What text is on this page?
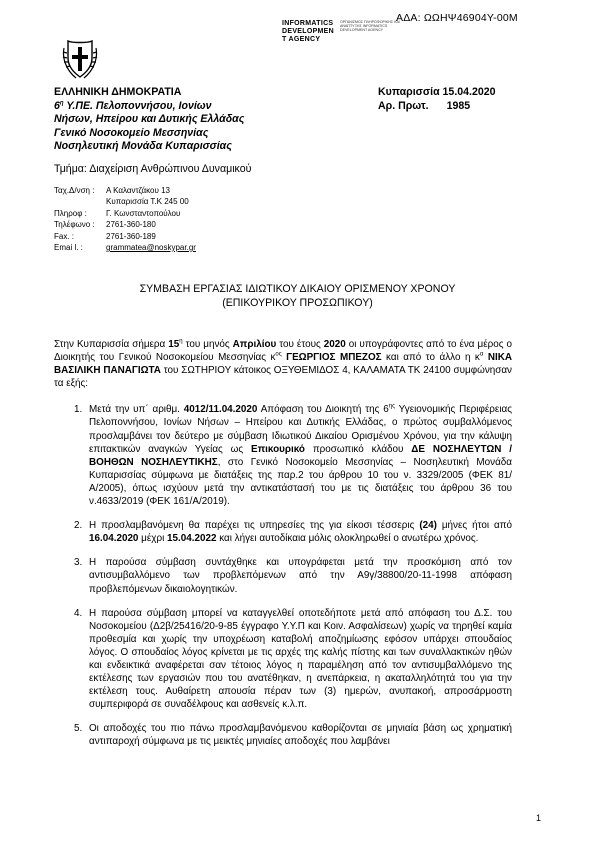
ΑΔΑ: ΩΩΗΨ46904Υ-00Μ
INFORMATICS
DEVELOPMEN
T AGENCY
ΟΡΓΑΝΙΣΜΟΣ ΠΛΗΡΟΦΟΡΙΚΗΣ ΚΑΙ ΑΝΑΠΤΥΞΗΣ INFORMATICS DEVELOPMENT AGENCY
ΕΛΛΗΝΙΚΗ ΔΗΜΟΚΡΑΤΙΑ
$6^\eta$ Υ.ΠΕ. Πελοποννήσου, Ιονίων
Νήσων, Ηπείρου και Δυτικής Ελλάδας
Γενικό Νοσοκομείο Μεσσηνίας
Νοσηλευτική Μονάδα Κυπαρισσίας
Κυπαρισσία 15.04.2020
Αρ. Πρωτ. 1985
Τμήμα: Διαχείριση Ανθρώπινου Δυναμικού
Ταχ.Δ/νση :	Α Καλαντζάκου 13
Κυπαρισσία Τ.Κ 245 00
Πληροφ :	Γ. Κωνσταντοπούλου
Τηλέφωνο :	2761-360-180
Fax. :	2761-360-189
Emai l. :	grammatea@noskypar.gr
ΣΥΜΒΑΣΗ ΕΡΓΑΣΙΑΣ ΙΔΙΩΤΙΚΟΥ ΔΙΚΑΙΟΥ ΟΡΙΣΜΕΝΟΥ ΧΡΟΝΟΥ
(ΕΠΙΚΟΥΡΙΚΟΥ ΠΡΟΣΩΠΙΚΟΥ)

Στην Κυπαρισσία σήμερα $15^\eta$ του μηνός Απριλίου του έτους 2020 οι υπογράφοντες από το ένα μέρος ο Διοικητής του Γενικού Νοσοκομείου Μεσσηνίας $\kappa^{o\varsigma}$ ΓΕΩΡΓΙΟΣ ΜΠΕΖΟΣ και από το άλλο η $\kappa^\alpha$ ΝΙΚΑ ΒΑΣΙΛΙΚΗ ΠΑΝΑΓΙΩΤΑ του ΣΩΤΗΡΙΟΥ κάτοικος ΟΞΥΘΕΜΙΔΟΣ 4, ΚΑΛΑΜΑΤΑ ΤΚ 24100 συμφώνησαν τα εξής:

1. Μετά την υπ΄ αριθμ. 4012/11.04.2020 Απόφαση του Διοικητή της $6^{\eta\varsigma}$ Υγειονομικής Περιφέρειας Πελοποννήσου, Ιονίων Νήσων – Ηπείρου και Δυτικής Ελλάδας, ο πρώτος συμβαλλόμενος προσλαμβάνει τον δεύτερο με σύμβαση Ιδιωτικού Δικαίου Ορισμένου Χρόνου, για την κάλυψη επιτακτικών αναγκών Υγείας ως Επικουρικό προσωπικό κλάδου ΔΕ ΝΟΣΗΛΕΥΤΩΝ / ΒΟΗΘΩΝ ΝΟΣΗΛΕΥΤΙΚΗΣ, στο Γενικό Νοσοκομείο Μεσσηνίας – Νοσηλευτική Μονάδα Κυπαρισσίας σύμφωνα με διατάξεις της παρ.2 του άρθρου 10 του ν. 3329/2005 (ΦΕΚ 81/Α/2005), όπως ισχύουν μετά την αντικατάστασή του με τις διατάξεις του άρθρου 36 του ν.4633/2019 (ΦΕΚ 161/Α/2019).
2. Η προσλαμβανόμενη θα παρέχει τις υπηρεσίες της για είκοσι τέσσερις (24) μήνες ήτοι από 16.04.2020 μέχρι 15.04.2022 και λήγει αυτοδίκαια μόλις ολοκληρωθεί ο ανωτέρω χρόνος.
3. Η παρούσα σύμβαση συντάχθηκε και υπογράφεται μετά την προσκόμιση από τον αντισυμβαλλόμενο των προβλεπόμενων από την Α9γ/38800/20-11-1998 απόφαση προβλεπόμενων δικαιολογητικών.
4. Η παρούσα σύμβαση μπορεί να καταγγελθεί οποτεδήποτε μετά από απόφαση του Δ.Σ. του Νοσοκομείου (Δ2β/25416/20-9-85 έγγραφο Υ.Υ.Π και Κοιν. Ασφαλίσεων) χωρίς να τηρηθεί καμία προθεσμία και χωρίς την υποχρέωση καταβολή αποζημίωσης εφόσον υπάρχει σπουδαίος λόγος. Ο σπουδαίος λόγος κρίνεται με τις αρχές της καλής πίστης και των συναλλακτικών ηθών και ενδεικτικά αναφέρεται σαν τέτοιος λόγος η παραμέληση από τον αντισυμβαλλόμενο της εκτέλεσης των εργασιών που του ανατέθηκαν, η ανεπάρκεια, η ακαταλληλότητά του για την εκτέλεση τους. Αυθαίρετη απουσία πέραν των (3) ημερών, ανυπακοή, απροσάρμοστη συμπεριφορά σε συναδέλφους και ασθενείς κ.λ.π.
5. Οι αποδοχές του πιο πάνω προσλαμβανόμενου καθορίζονται σε μηνιαία βάση ως χρηματική αντιπαροχή σύμφωνα με τις μεικτές μηνιαίες αποδοχές που λαμβάνει
1
